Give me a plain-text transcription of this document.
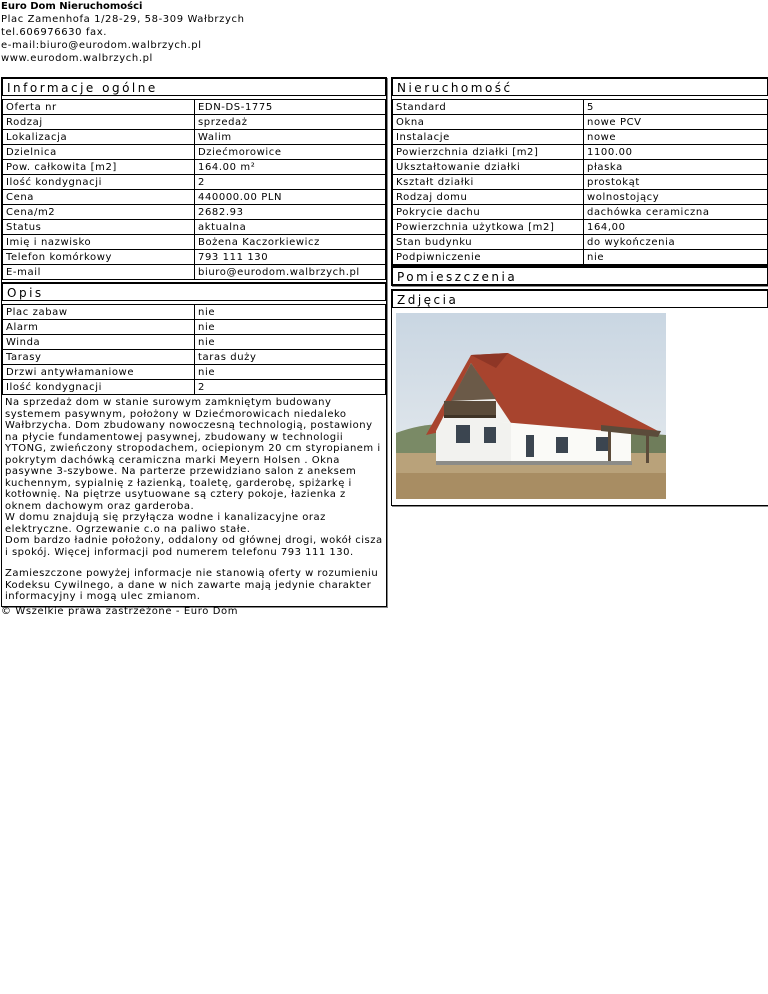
Euro Dom Nieruchomości
Plac Zamenhofa 1/28-29, 58-309 Wałbrzych
tel.606976630 fax.
e-mail:biuro@eurodom.walbrzych.pl
www.eurodom.walbrzych.pl
Informacje ogólne
Oferta nr	EDN-DS-1775
Rodzaj	sprzedaż
Lokalizacja	Walim
Dzielnica	Dziećmorowice
Pow. całkowita [m2]	164.00 m²
Ilość kondygnacji	2
Cena	440000.00 PLN
Cena/m2	2682.93
Status	aktualna
Imię i nazwisko	Bożena Kaczorkiewicz
Telefon komórkowy	793 111 130
E-mail	biuro@eurodom.walbrzych.pl
Opis
Plac zabaw	nie
Alarm	nie
Winda	nie
Tarasy	taras duży
Drzwi antywłamaniowe	nie
Ilość kondygnacji	2

Na sprzedaż dom w stanie surowym zamkniętym budowany systemem pasywnym, położony w Dziećmorowicach niedaleko Wałbrzycha. Dom zbudowany nowoczesną technologią, postawiony na płycie fundamentowej pasywnej, zbudowany w technologii YTONG, zwieńczony stropodachem, ociepionym 20 cm styropianem i pokrytym dachówką ceramiczna marki Meyern Holsen . Okna pasywne 3-szybowe. Na parterze przewidziano salon z aneksem kuchennym, sypialnię z łazienką, toaletę, garderobę, spiżarkę i kotłownię. Na piętrze usytuowane są cztery pokoje, łazienka z oknem dachowym oraz garderoba.
W domu znajdują się przyłącza wodne i kanalizacyjne oraz elektryczne. Ogrzewanie c.o na paliwo stałe.
Dom bardzo ładnie położony, oddalony od głównej drogi, wokół cisza i spokój. Więcej informacji pod numerem telefonu 793 111 130.

Zamieszczone powyżej informacje nie stanowią oferty w rozumieniu Kodeksu Cywilnego, a dane w nich zawarte mają jedynie charakter informacyjny i mogą ulec zmianom.

Nieruchomość
Standard	5
Okna	nowe PCV
Instalacje	nowe
Powierzchnia działki [m2]	1100.00
Ukształtowanie działki	płaska
Kształt działki	prostokąt
Rodzaj domu	wolnostojący
Pokrycie dachu	dachówka ceramiczna
Powierzchnia użytkowa [m2]	164,00
Stan budynku	do wykończenia
Podpiwniczenie	nie
Pomieszczenia
Zdjęcia
© Wszelkie prawa zastrzeżone - Euro Dom
